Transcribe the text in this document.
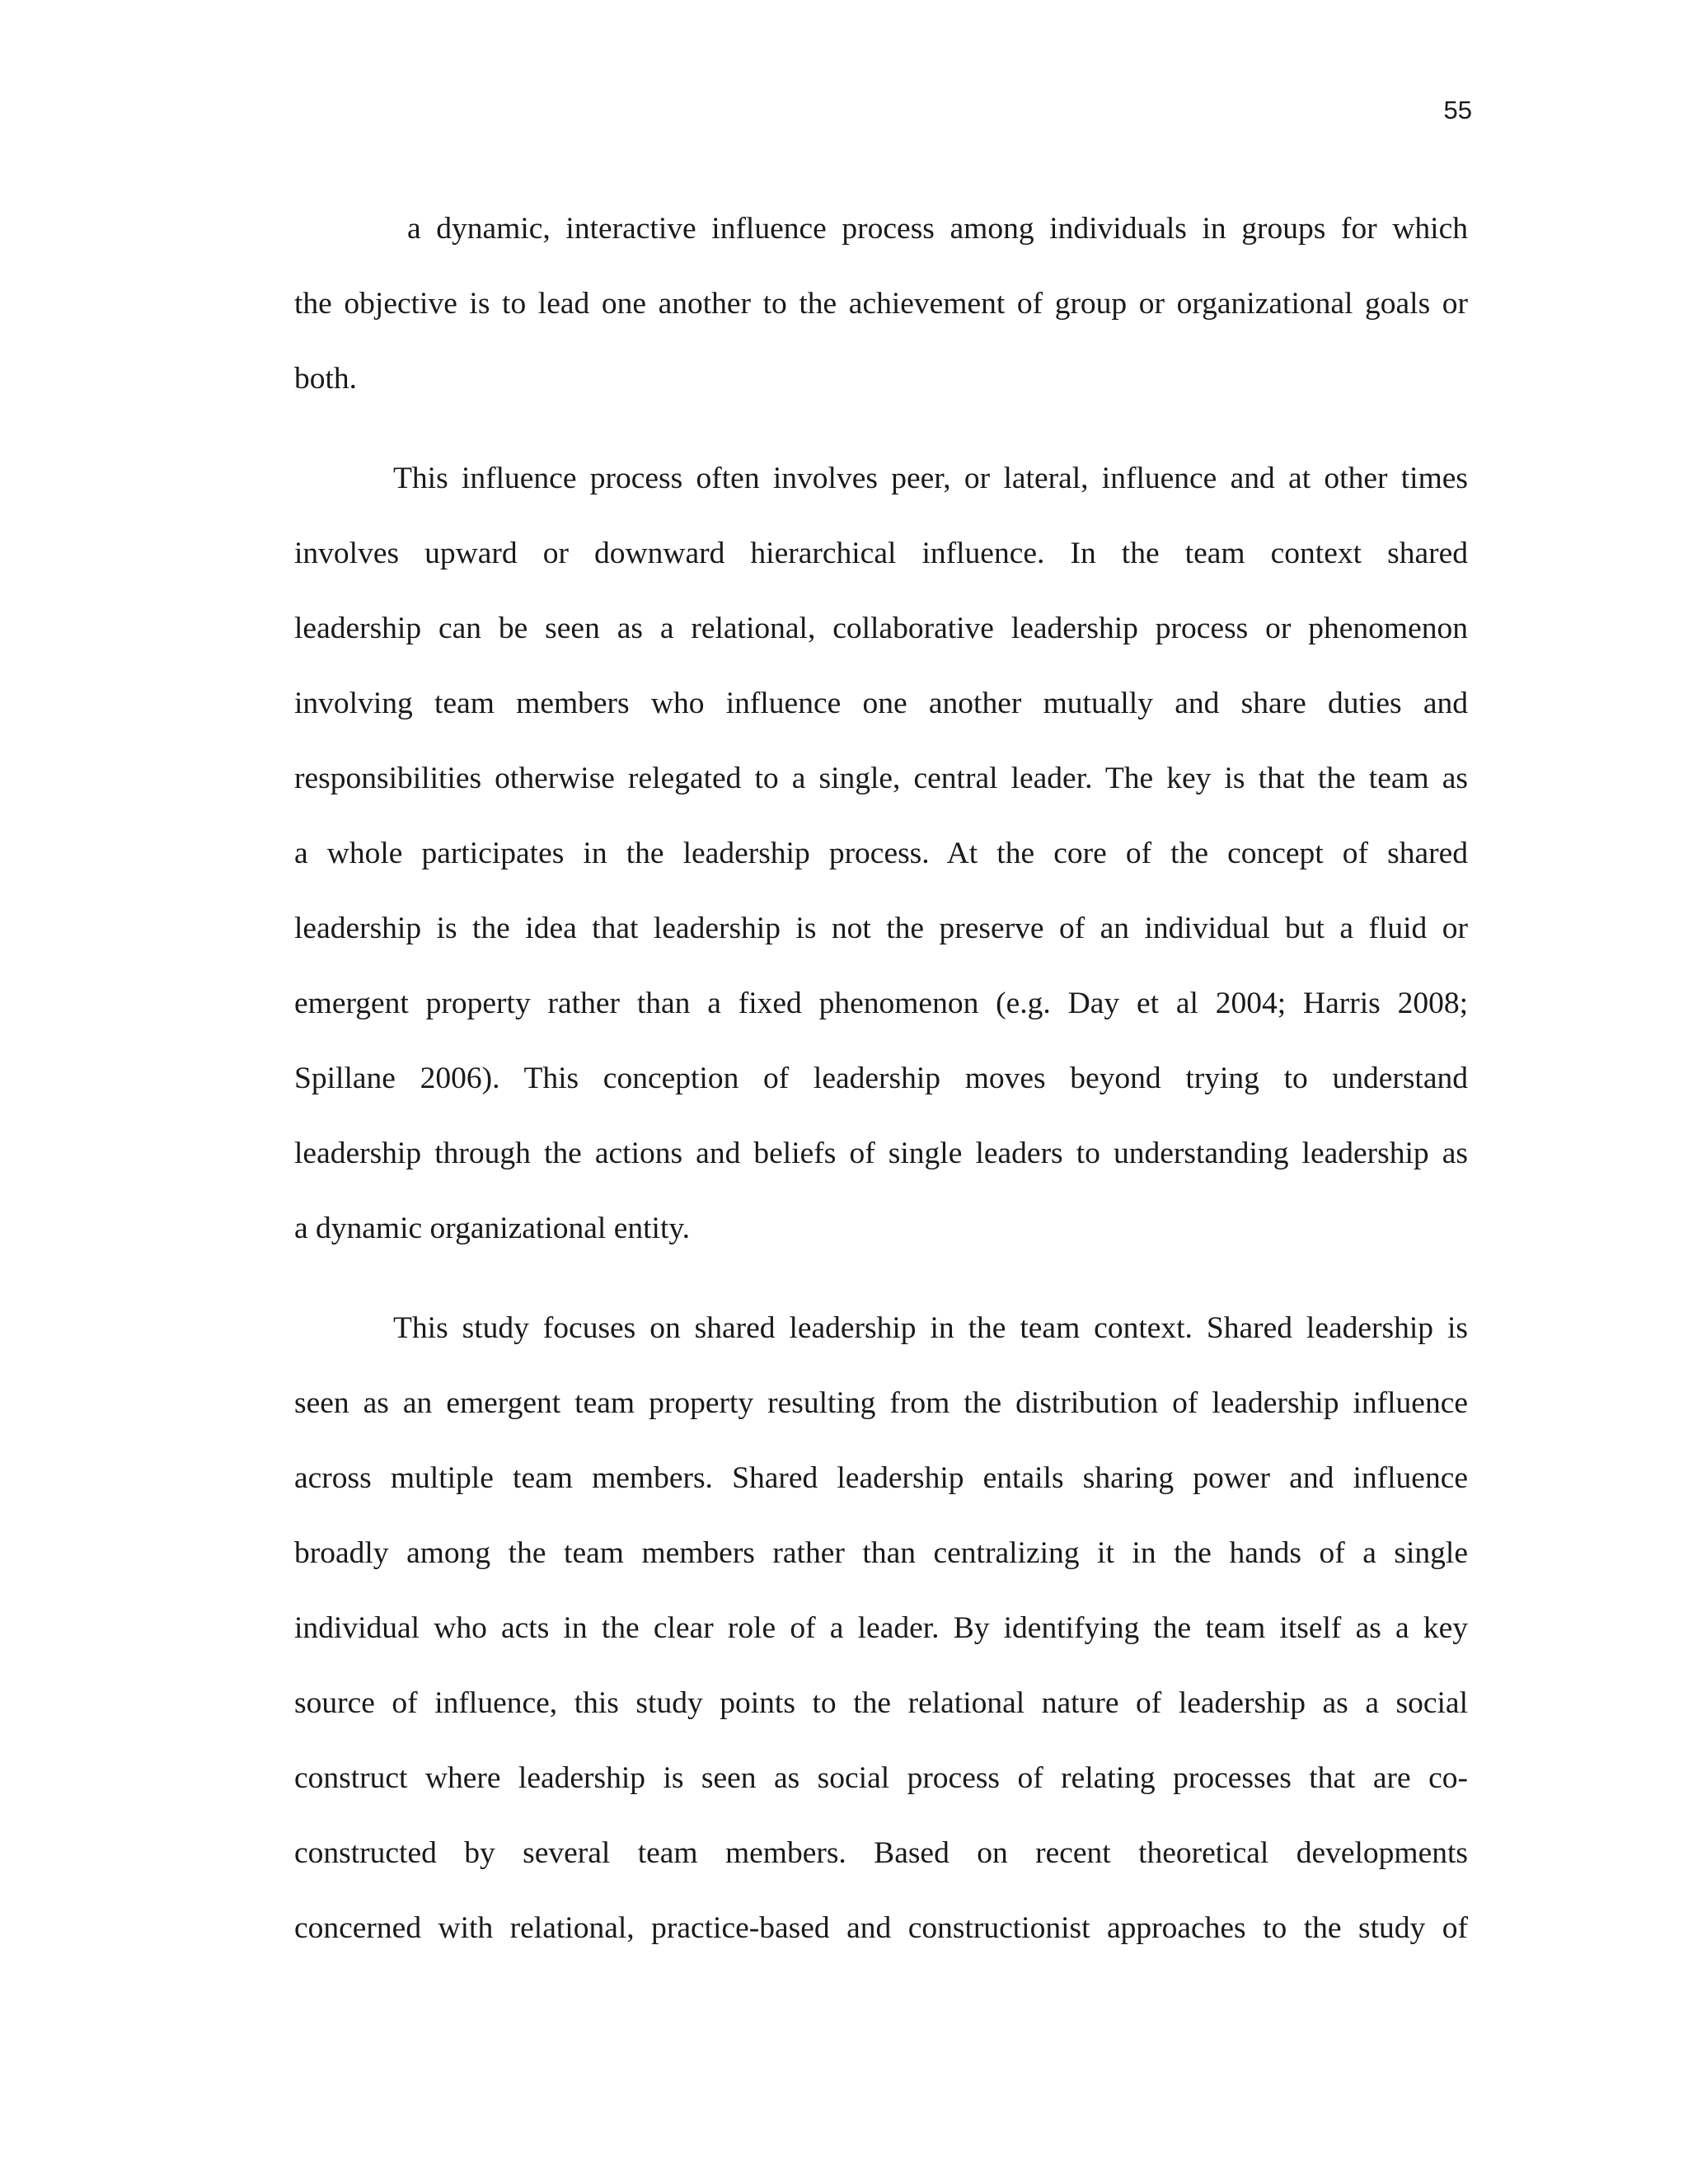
55
a dynamic, interactive influence process among individuals in groups for which
the objective is to lead one another to the achievement of group or organizational goals or
both.
This influence process often involves peer, or lateral, influence and at other times
involves upward or downward hierarchical influence. In the team context shared
leadership can be seen as a relational, collaborative leadership process or phenomenon
involving team members who influence one another mutually and share duties and
responsibilities otherwise relegated to a single, central leader. The key is that the team as
a whole participates in the leadership process. At the core of the concept of shared
leadership is the idea that leadership is not the preserve of an individual but a fluid or
emergent property rather than a fixed phenomenon (e.g. Day et al 2004; Harris 2008;
Spillane 2006). This conception of leadership moves beyond trying to understand
leadership through the actions and beliefs of single leaders to understanding leadership as
a dynamic organizational entity.
This study focuses on shared leadership in the team context. Shared leadership is
seen as an emergent team property resulting from the distribution of leadership influence
across multiple team members. Shared leadership entails sharing power and influence
broadly among the team members rather than centralizing it in the hands of a single
individual who acts in the clear role of a leader. By identifying the team itself as a key
source of influence, this study points to the relational nature of leadership as a social
construct where leadership is seen as social process of relating processes that are co-
constructed by several team members. Based on recent theoretical developments
concerned with relational, practice-based and constructionist approaches to the study of
